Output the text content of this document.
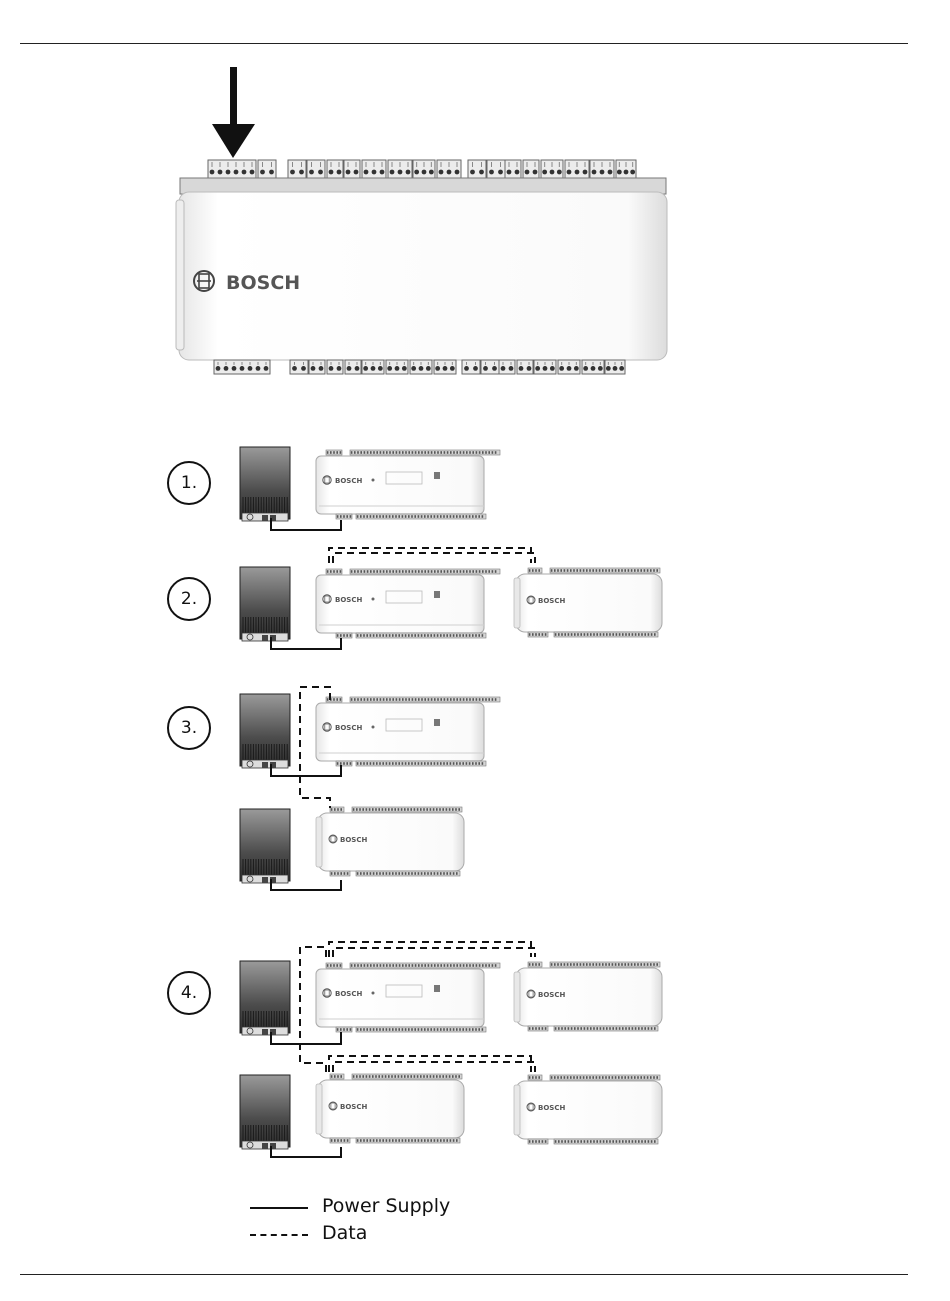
BOSCH
BOSCH
BOSCH	BOSCH
BOSCH
BOSCH
BOSCH	BOSCH
BOSCH	BOSCH
1.
2.
3.
4.
Power Supply
Data
